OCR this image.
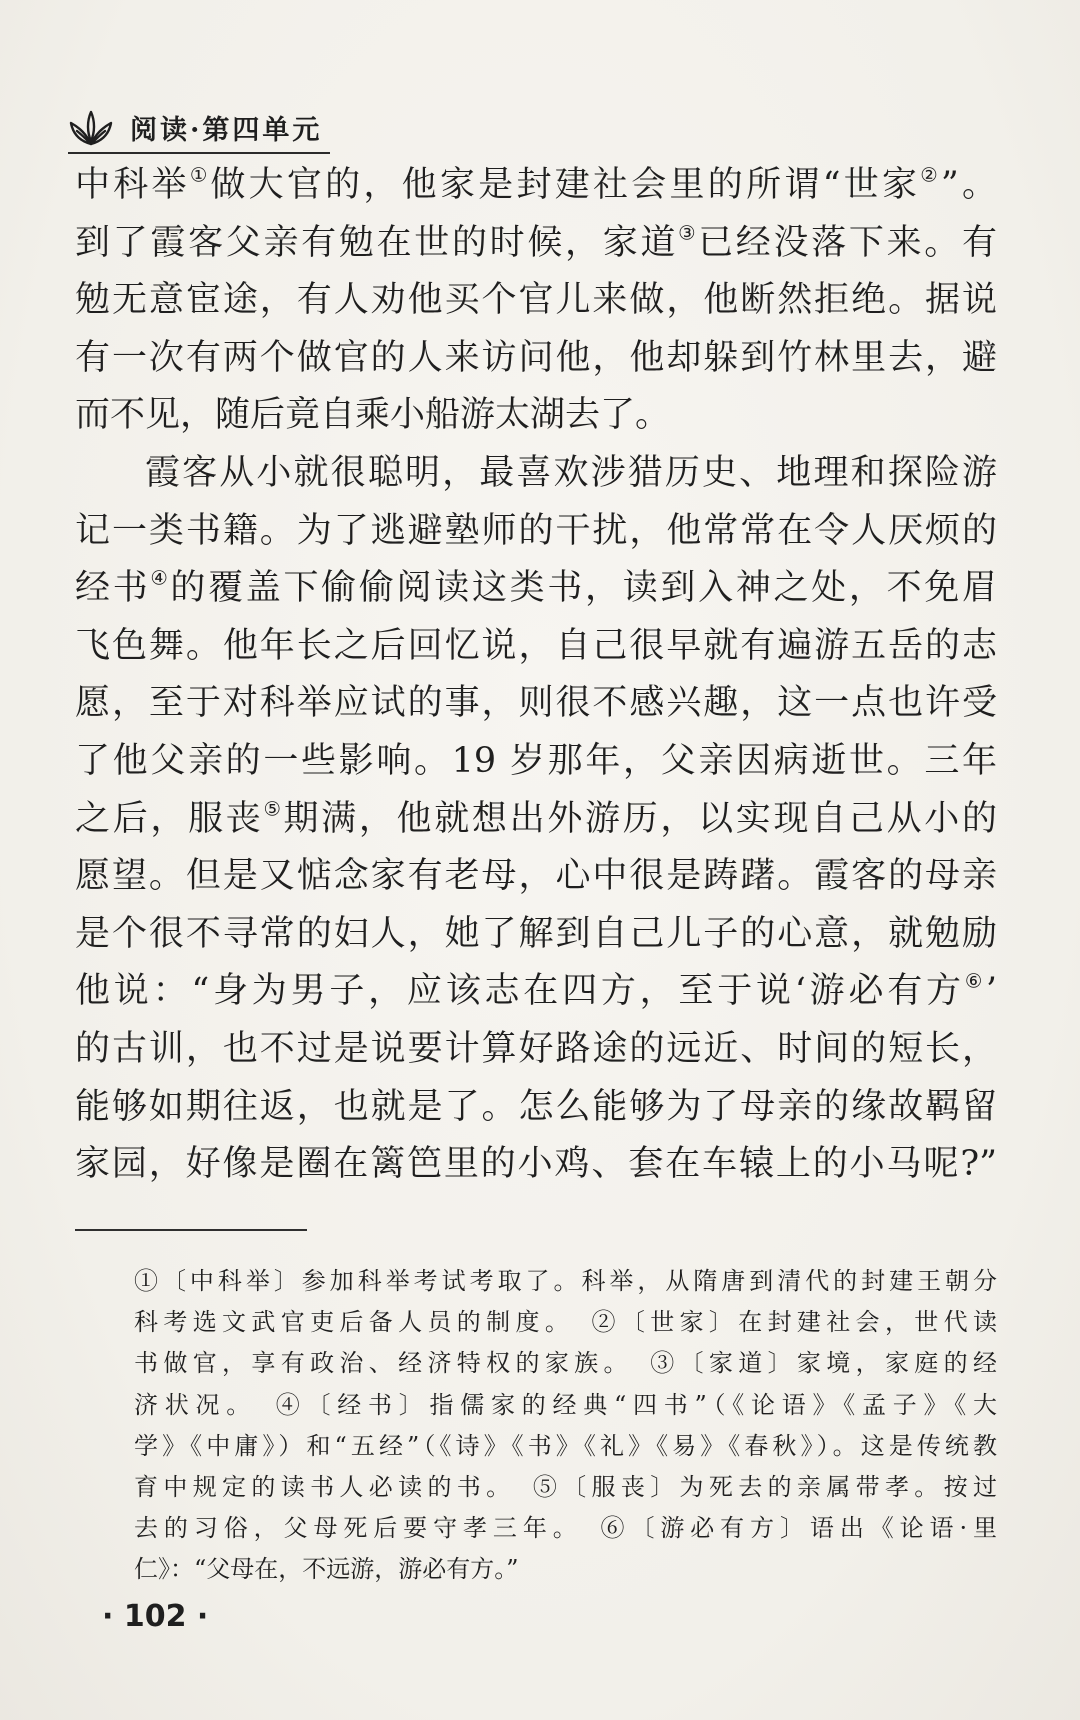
阅读·第四单元
中科举①做大官的，他家是封建社会里的所谓“世家②”。
到了霞客父亲有勉在世的时候，家道③已经没落下来。有
勉无意宦途，有人劝他买个官儿来做，他断然拒绝。据说
有一次有两个做官的人来访问他，他却躲到竹林里去，避
而不见，随后竟自乘小船游太湖去了。
霞客从小就很聪明，最喜欢涉猎历史、地理和探险游
记一类书籍。为了逃避塾师的干扰，他常常在令人厌烦的
经书④的覆盖下偷偷阅读这类书，读到入神之处，不免眉
飞色舞。他年长之后回忆说，自己很早就有遍游五岳的志
愿，至于对科举应试的事，则很不感兴趣，这一点也许受
了他父亲的一些影响。19 岁那年，父亲因病逝世。三年
之后，服丧⑤期满，他就想出外游历，以实现自己从小的
愿望。但是又惦念家有老母，心中很是踌躇。霞客的母亲
是个很不寻常的妇人，她了解到自己儿子的心意，就勉励
他说：“身为男子，应该志在四方，至于说‘游必有方⑥’
的古训，也不过是说要计算好路途的远近、时间的短长，
能够如期往返，也就是了。怎么能够为了母亲的缘故羁留
家园，好像是圈在篱笆里的小鸡、套在车辕上的小马呢?”
①〔中科举〕参加科举考试考取了。科举，从隋唐到清代的封建王朝分
科考选文武官吏后备人员的制度。　②〔世家〕在封建社会，世代读
书做官，享有政治、经济特权的家族。　③〔家道〕家境，家庭的经
济状况。　④〔经书〕指儒家的经典“四书”（《论语》《孟子》《大
学》《中庸》）和“五经”（《诗》《书》《礼》《易》《春秋》）。这是传统教
育中规定的读书人必读的书。　⑤〔服丧〕为死去的亲属带孝。按过
去的习俗，父母死后要守孝三年。　⑥〔游必有方〕语出《论语·里
仁》：“父母在，不远游，游必有方。”
· 102 ·
